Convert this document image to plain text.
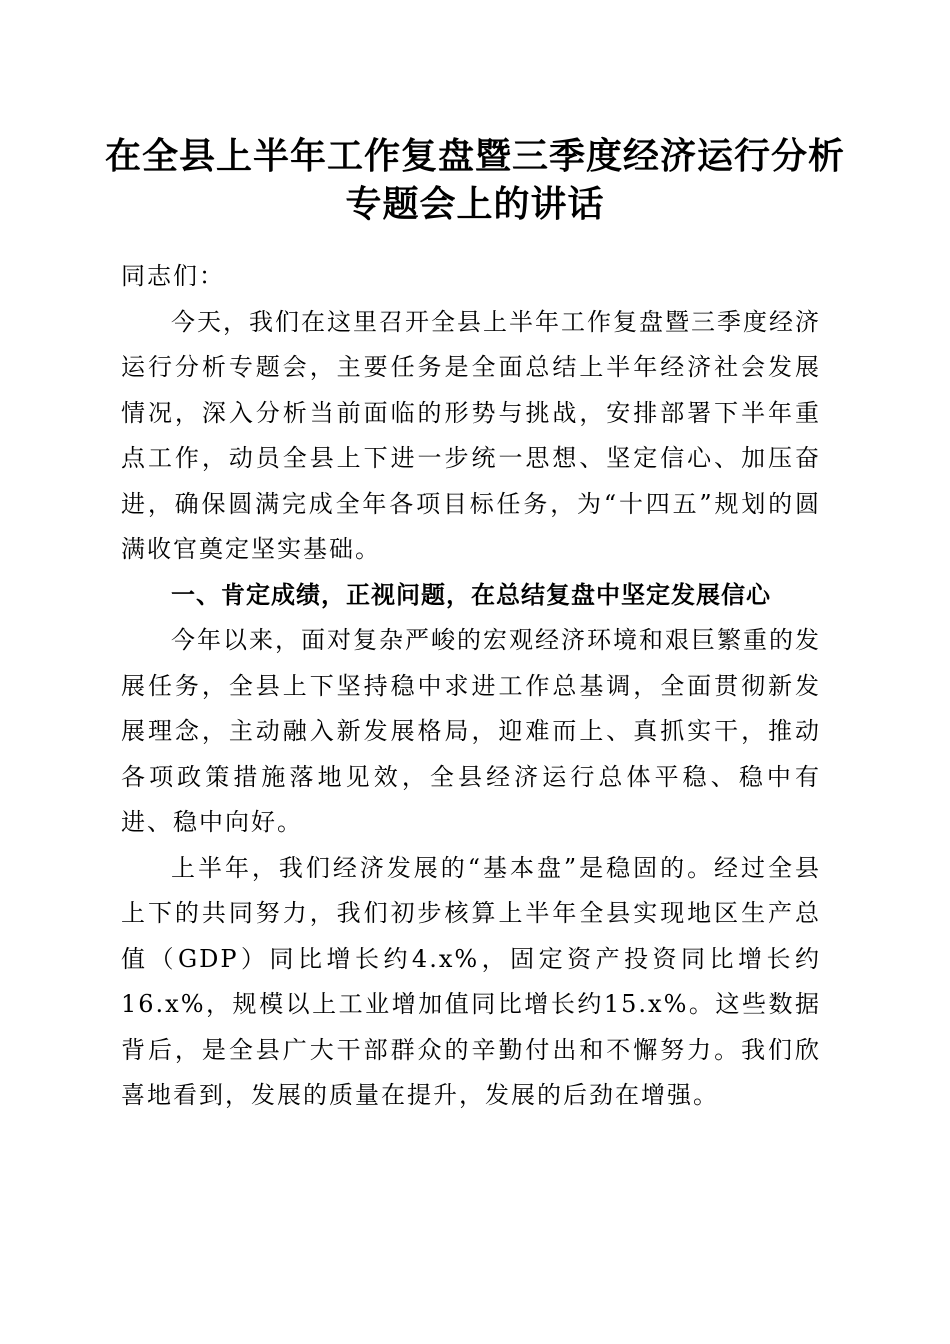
在全县上半年工作复盘暨三季度经济运行分析
专题会上的讲话

同志们：

今天，我们在这里召开全县上半年工作复盘暨三季度经济运行分析专题会，主要任务是全面总结上半年经济社会发展情况，深入分析当前面临的形势与挑战，安排部署下半年重点工作，动员全县上下进一步统一思想、坚定信心、加压奋进，确保圆满完成全年各项目标任务，为“十四五”规划的圆满收官奠定坚实基础。

一、肯定成绩，正视问题，在总结复盘中坚定发展信心

今年以来，面对复杂严峻的宏观经济环境和艰巨繁重的发展任务，全县上下坚持稳中求进工作总基调，全面贯彻新发展理念，主动融入新发展格局，迎难而上、真抓实干，推动各项政策措施落地见效，全县经济运行总体平稳、稳中有进、稳中向好。

上半年，我们经济发展的“基本盘”是稳固的。经过全县上下的共同努力，我们初步核算上半年全县实现地区生产总值（GDP）同比增长约4.x%，固定资产投资同比增长约16.x%，规模以上工业增加值同比增长约15.x%。这些数据背后，是全县广大干部群众的辛勤付出和不懈努力。我们欣喜地看到，发展的质量在提升，发展的后劲在增强。
